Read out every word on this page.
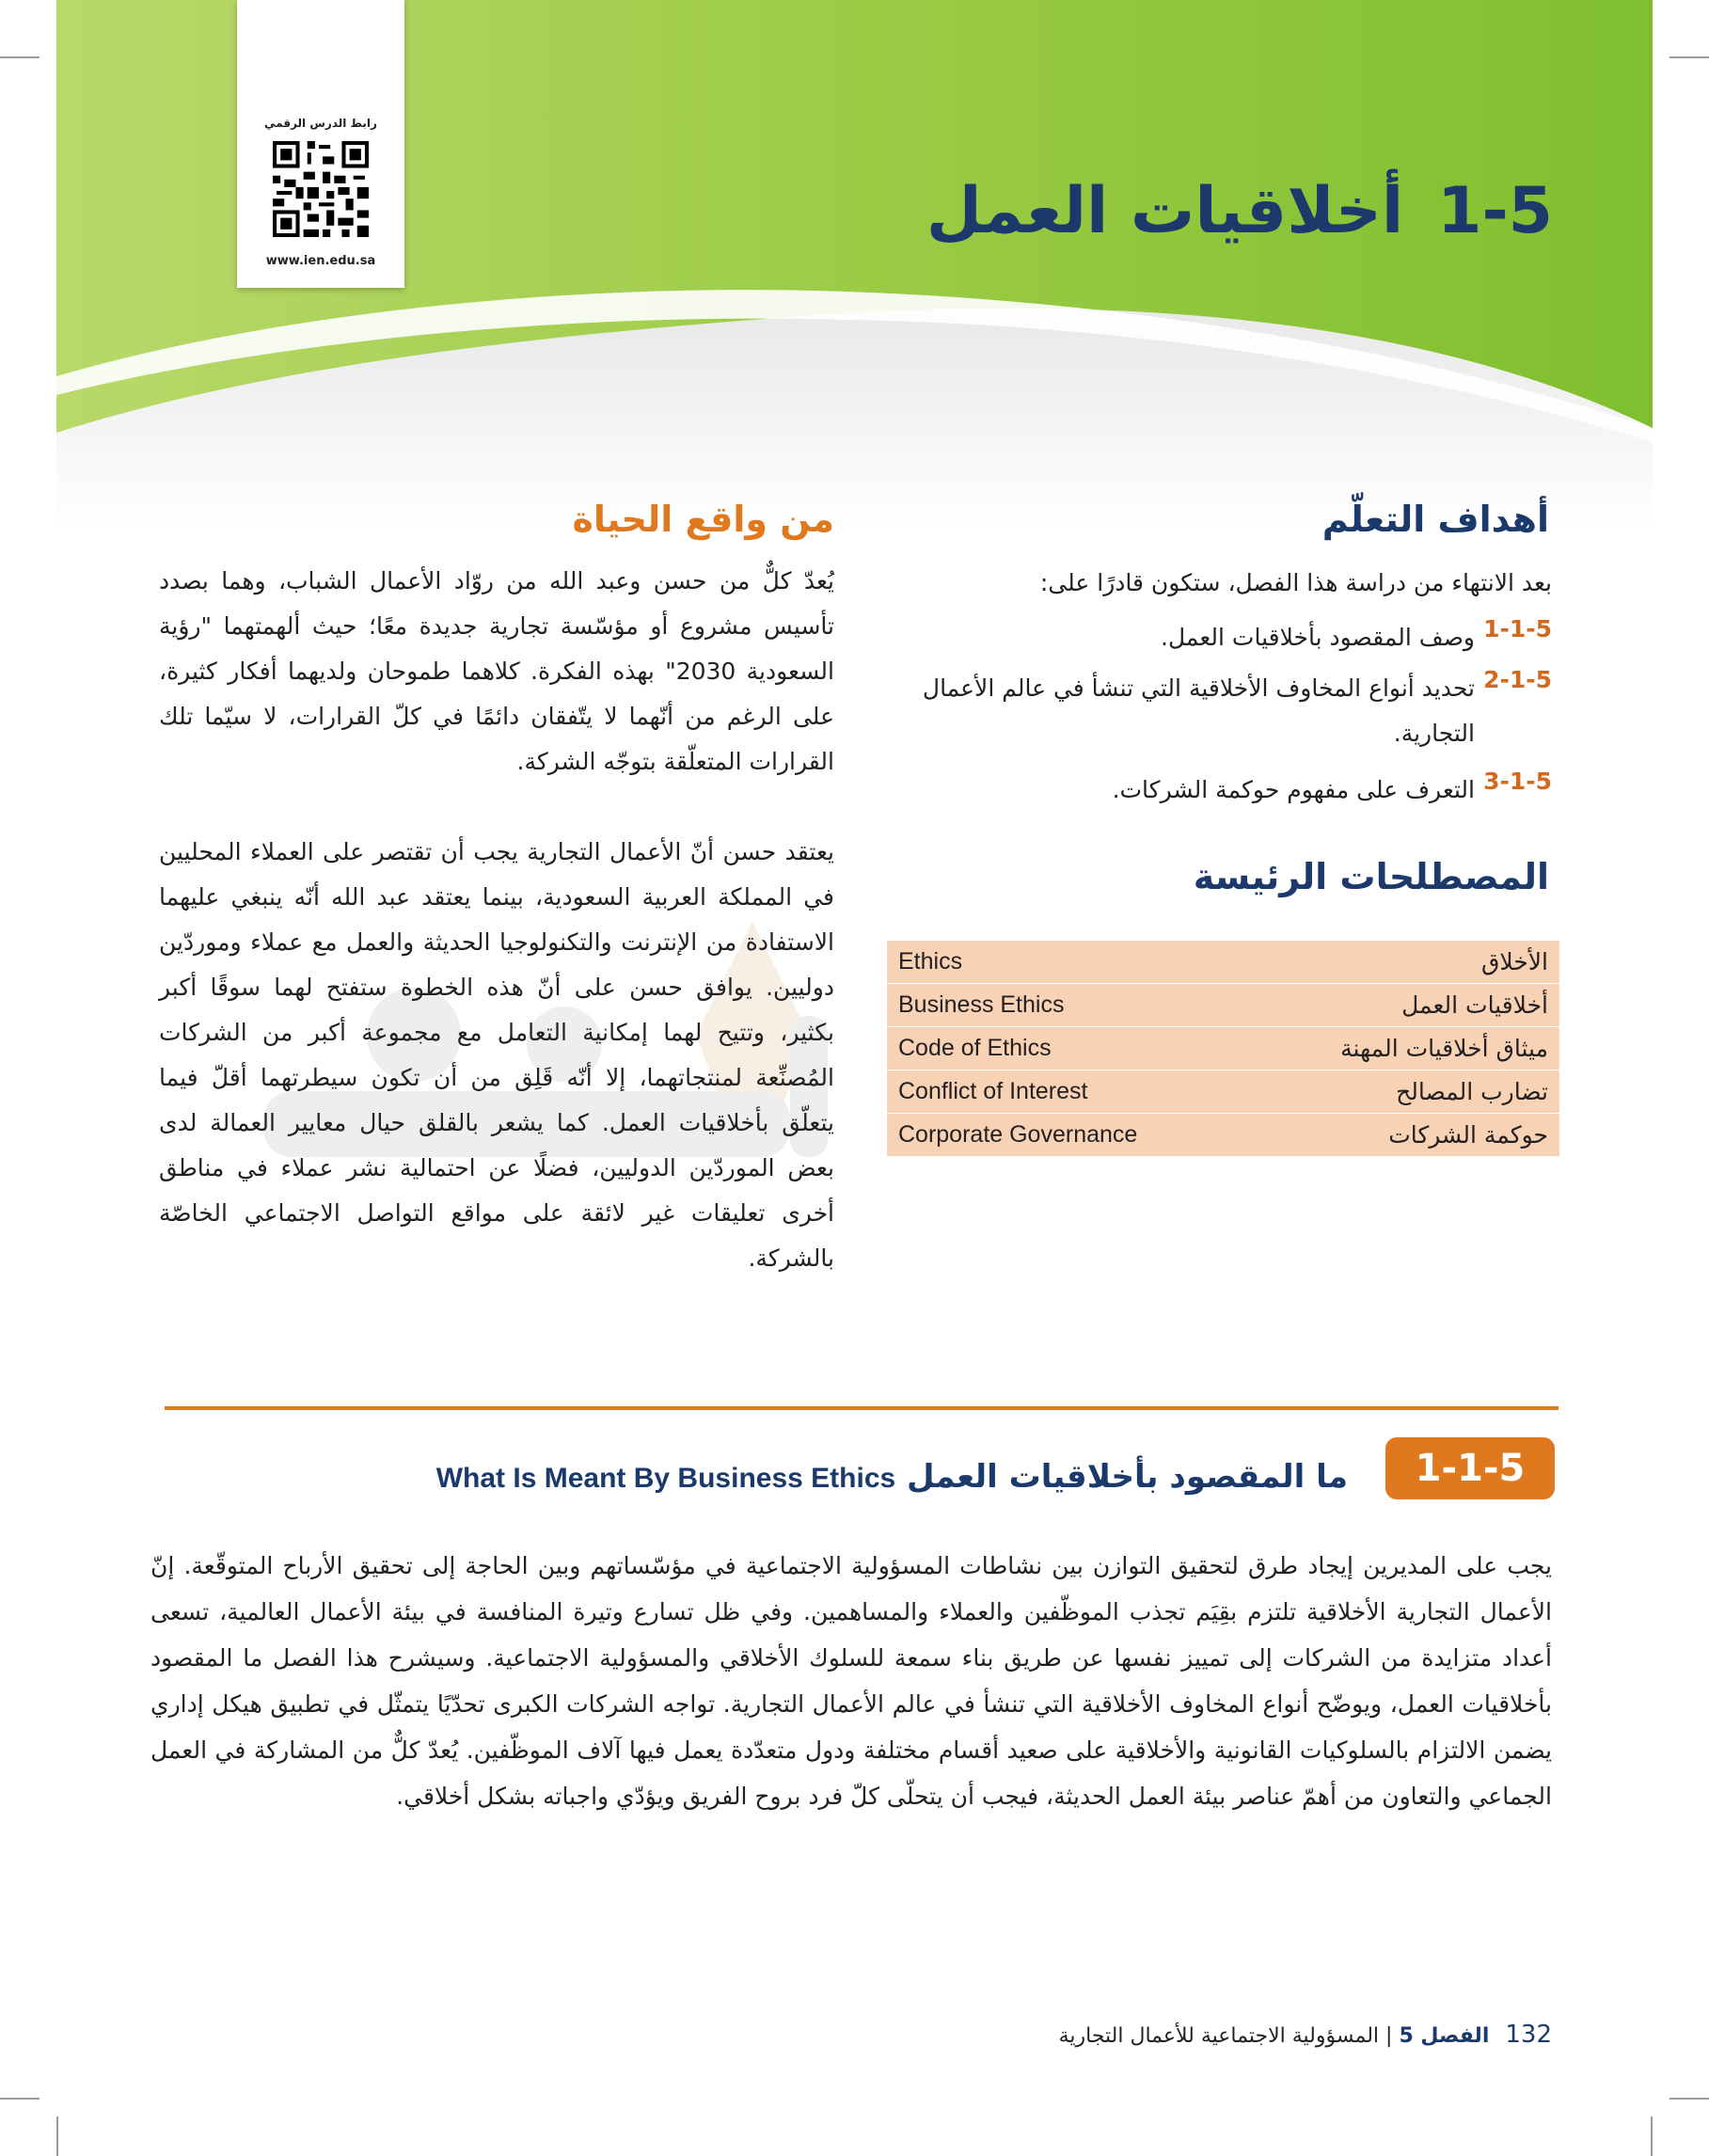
رابط الدرس الرقمي
www.ien.edu.sa
1-5أخلاقيات العمل
أهداف التعلّم
بعد الانتهاء من دراسة هذا الفصل، ستكون قادرًا على:
1-1-5
وصف المقصود بأخلاقيات العمل.
2-1-5
تحديد أنواع المخاوف الأخلاقية التي تنشأ في عالم الأعمال التجارية.
3-1-5
التعرف على مفهوم حوكمة الشركات.
المصطلحات الرئيسة
Ethics	الأخلاق
Business Ethics	أخلاقيات العمل
Code of Ethics	ميثاق أخلاقيات المهنة
Conflict of Interest	تضارب المصالح
Corporate Governance	حوكمة الشركات
من واقع الحياة
يُعدّ كلٌّ من حسن وعبد الله من روّاد الأعمال الشباب، وهما بصدد تأسيس مشروع أو مؤسّسة تجارية جديدة معًا؛ حيث ألهمتهما "رؤية السعودية 2030" بهذه الفكرة. كلاهما طموحان ولديهما أفكار كثيرة، على الرغم من أنّهما لا يتّفقان دائمًا في كلّ القرارات، لا سيّما تلك القرارات المتعلّقة بتوجّه الشركة.
يعتقد حسن أنّ الأعمال التجارية يجب أن تقتصر على العملاء المحليين في المملكة العربية السعودية، بينما يعتقد عبد الله أنّه ينبغي عليهما الاستفادة من الإنترنت والتكنولوجيا الحديثة والعمل مع عملاء وموردّين دوليين. يوافق حسن على أنّ هذه الخطوة ستفتح لهما سوقًا أكبر بكثير، وتتيح لهما إمكانية التعامل مع مجموعة أكبر من الشركات المُصنِّعة لمنتجاتهما، إلا أنّه قَلِق من أن تكون سيطرتهما أقلّ فيما يتعلّق بأخلاقيات العمل. كما يشعر بالقلق حيال معايير العمالة لدى بعض الموردّين الدوليين، فضلًا عن احتمالية نشر عملاء في مناطق أخرى تعليقات غير لائقة على مواقع التواصل الاجتماعي الخاصّة بالشركة.
1-1-5
ما المقصود بأخلاقيات العمل What Is Meant By Business Ethics
يجب على المديرين إيجاد طرق لتحقيق التوازن بين نشاطات المسؤولية الاجتماعية في مؤسّساتهم وبين الحاجة إلى تحقيق الأرباح المتوقّعة. إنّ الأعمال التجارية الأخلاقية تلتزم بقِيَم تجذب الموظّفين والعملاء والمساهمين. وفي ظل تسارع وتيرة المنافسة في بيئة الأعمال العالمية، تسعى أعداد متزايدة من الشركات إلى تمييز نفسها عن طريق بناء سمعة للسلوك الأخلاقي والمسؤولية الاجتماعية. وسيشرح هذا الفصل ما المقصود بأخلاقيات العمل، ويوضّح أنواع المخاوف الأخلاقية التي تنشأ في عالم الأعمال التجارية. تواجه الشركات الكبرى تحدّيًا يتمثّل في تطبيق هيكل إداري يضمن الالتزام بالسلوكيات القانونية والأخلاقية على صعيد أقسام مختلفة ودول متعدّدة يعمل فيها آلاف الموظّفين. يُعدّ كلٌّ من المشاركة في العمل الجماعي والتعاون من أهمّ عناصر بيئة العمل الحديثة، فيجب أن يتحلّى كلّ فرد بروح الفريق ويؤدّي واجباته بشكل أخلاقي.
132 الفصل 5 | المسؤولية الاجتماعية للأعمال التجارية
